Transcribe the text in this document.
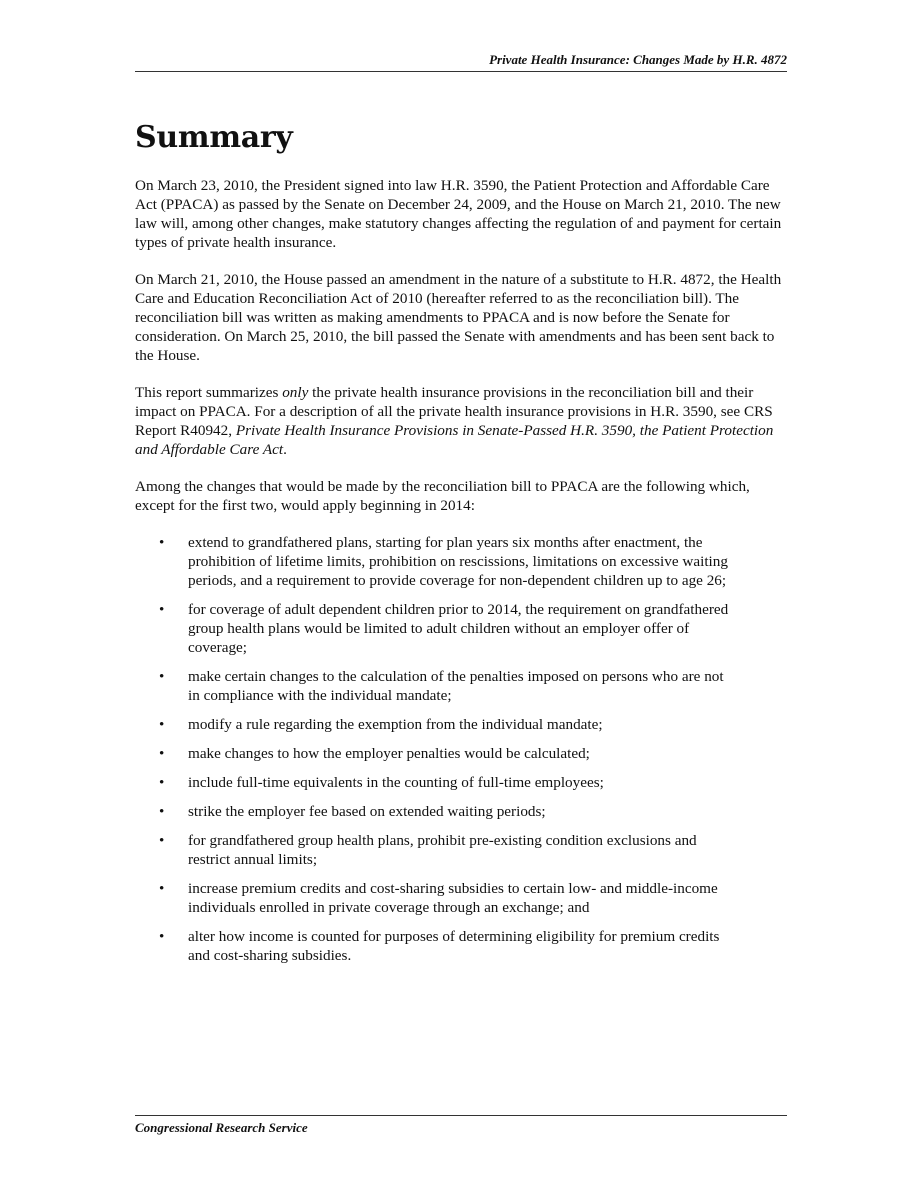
Private Health Insurance: Changes Made by H.R. 4872
Summary

On March 23, 2010, the President signed into law H.R. 3590, the Patient Protection and Affordable Care Act (PPACA) as passed by the Senate on December 24, 2009, and the House on March 21, 2010. The new law will, among other changes, make statutory changes affecting the regulation of and payment for certain types of private health insurance.

On March 21, 2010, the House passed an amendment in the nature of a substitute to H.R. 4872, the Health Care and Education Reconciliation Act of 2010 (hereafter referred to as the reconciliation bill). The reconciliation bill was written as making amendments to PPACA and is now before the Senate for consideration. On March 25, 2010, the bill passed the Senate with amendments and has been sent back to the House.

This report summarizes only the private health insurance provisions in the reconciliation bill and their impact on PPACA. For a description of all the private health insurance provisions in H.R. 3590, see CRS Report R40942, Private Health Insurance Provisions in Senate-Passed H.R. 3590, the Patient Protection and Affordable Care Act.

Among the changes that would be made by the reconciliation bill to PPACA are the following which, except for the first two, would apply beginning in 2014:

• extend to grandfathered plans, starting for plan years six months after enactment, the prohibition of lifetime limits, prohibition on rescissions, limitations on excessive waiting periods, and a requirement to provide coverage for non-dependent children up to age 26;
• for coverage of adult dependent children prior to 2014, the requirement on grandfathered group health plans would be limited to adult children without an employer offer of coverage;
• make certain changes to the calculation of the penalties imposed on persons who are not in compliance with the individual mandate;
• modify a rule regarding the exemption from the individual mandate;
• make changes to how the employer penalties would be calculated;
• include full-time equivalents in the counting of full-time employees;
• strike the employer fee based on extended waiting periods;
• for grandfathered group health plans, prohibit pre-existing condition exclusions and restrict annual limits;
• increase premium credits and cost-sharing subsidies to certain low- and middle-income individuals enrolled in private coverage through an exchange; and
• alter how income is counted for purposes of determining eligibility for premium credits and cost-sharing subsidies.
Congressional Research Service
